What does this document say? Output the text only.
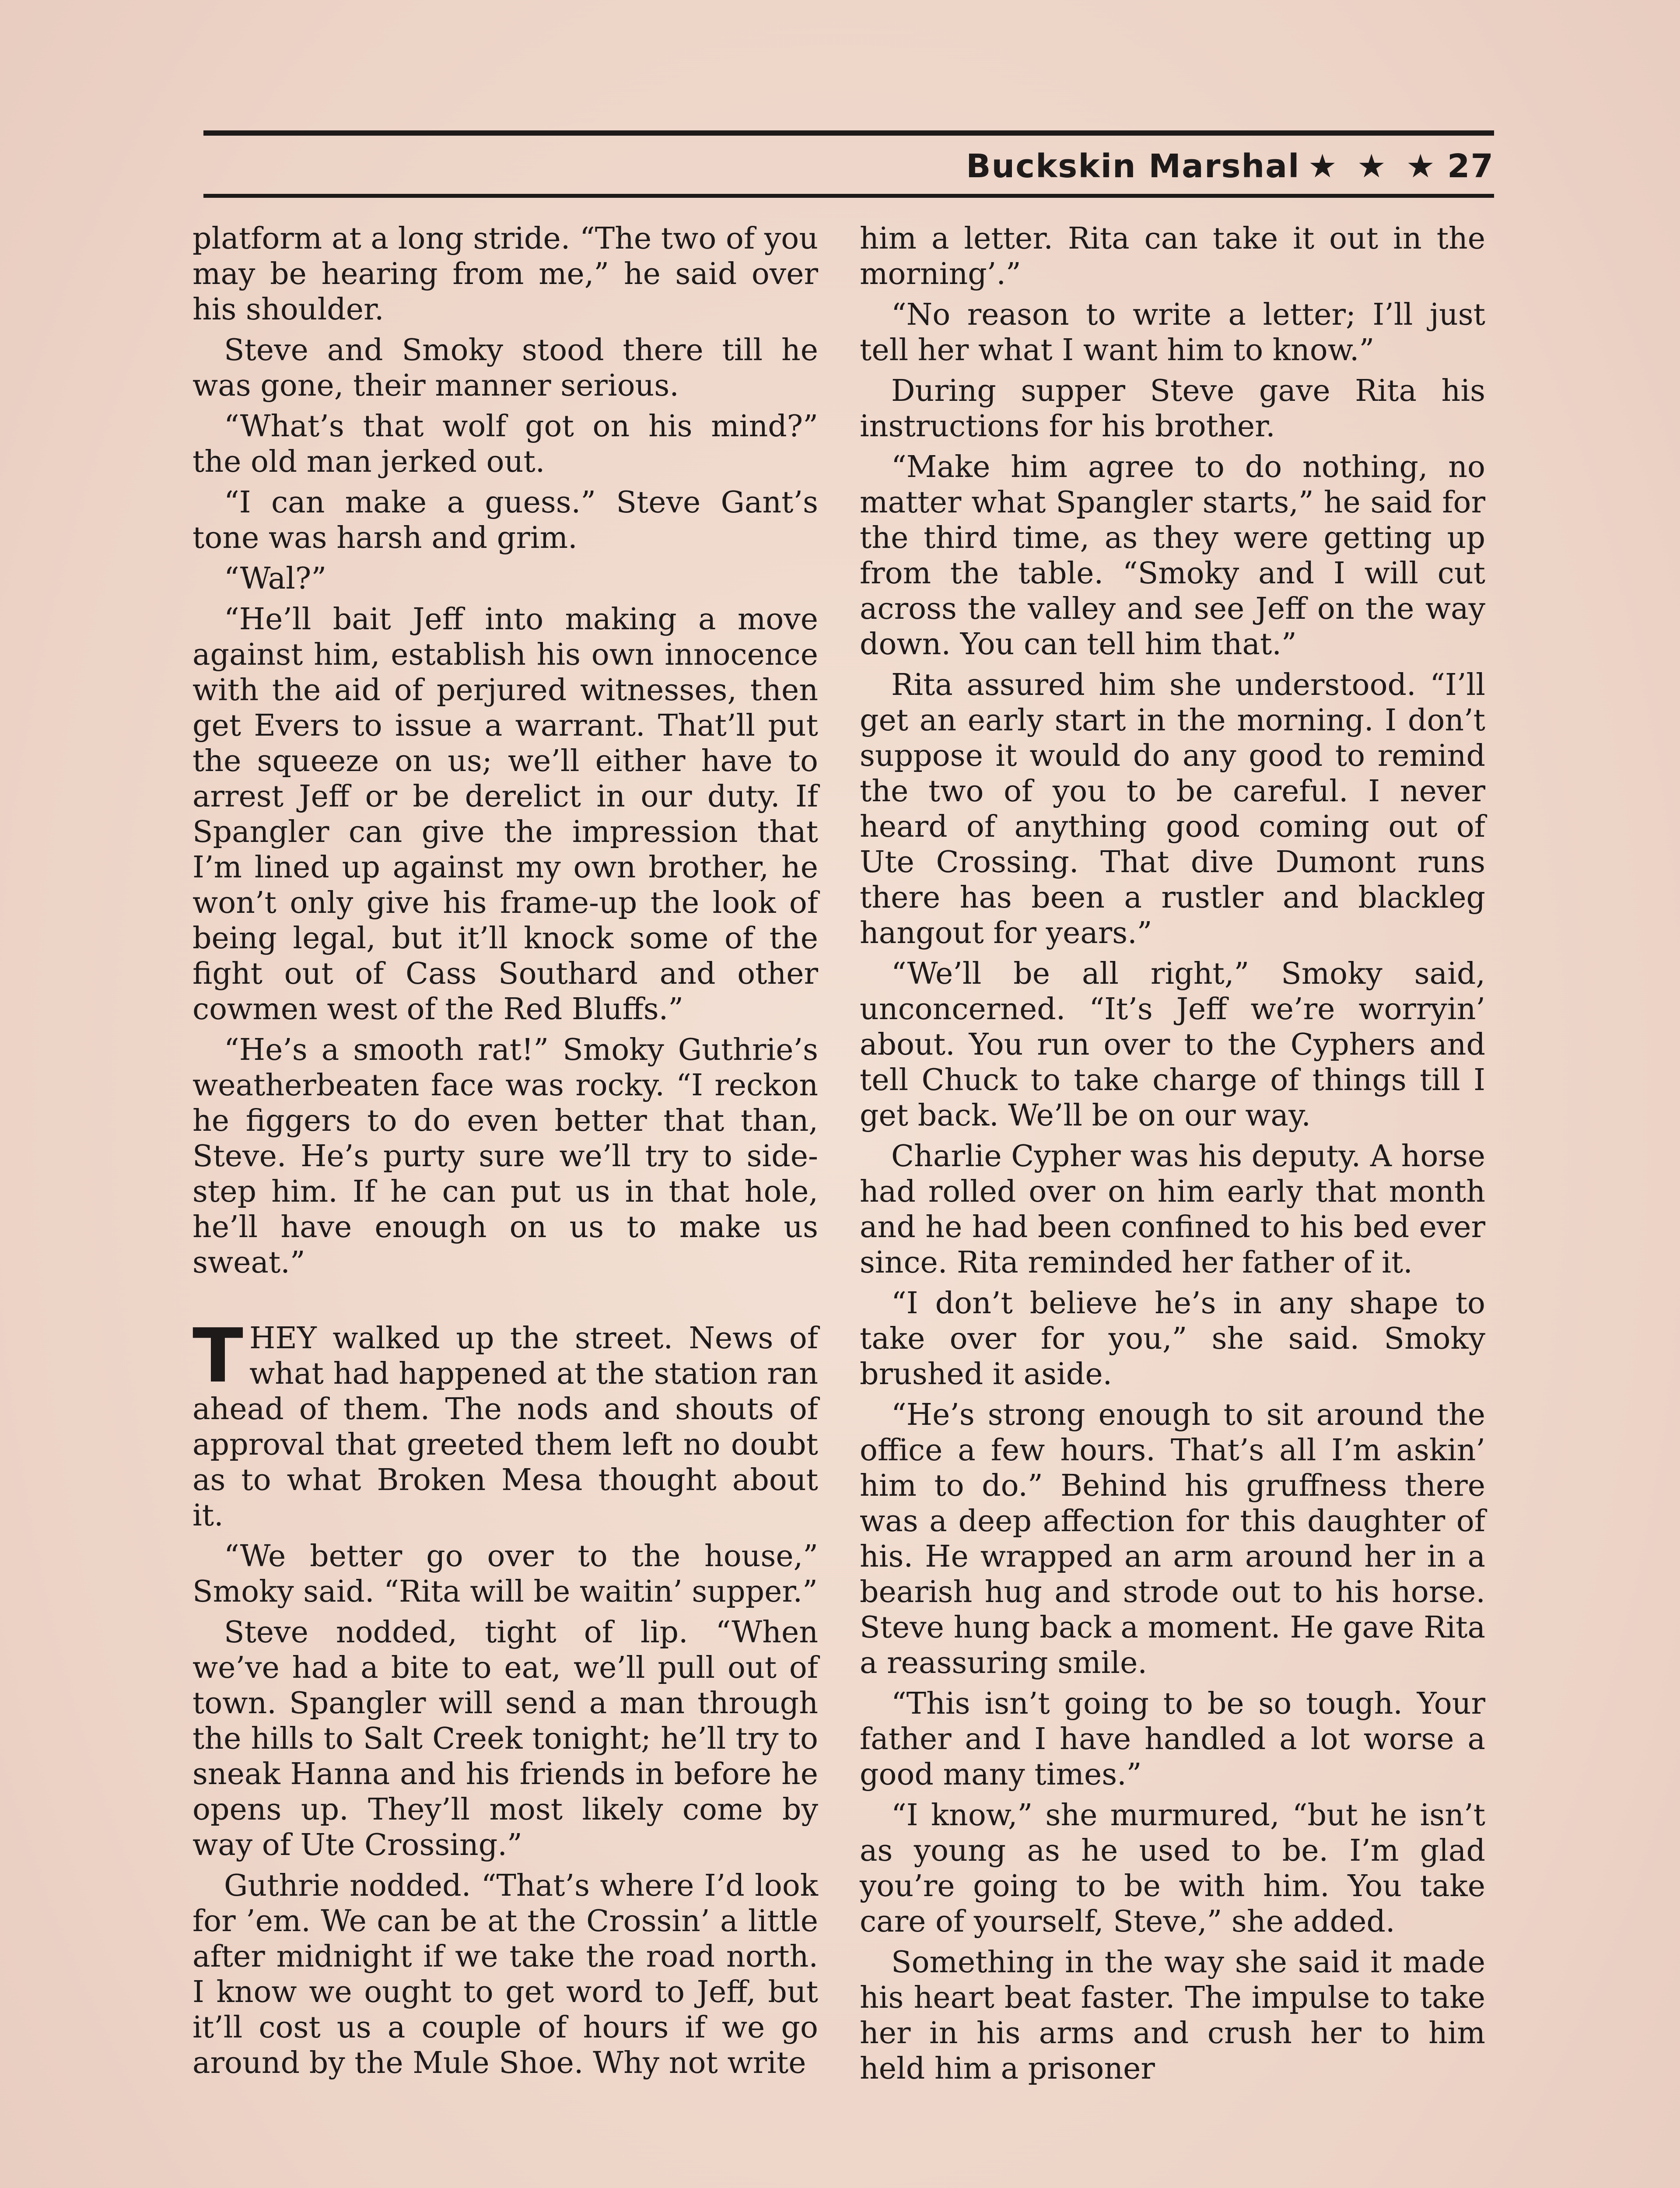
Buckskin Marshal ★ ★ ★ 27

platform at a long stride. “The two of you may be hearing from me,” he said over his shoulder.

Steve and Smoky stood there till he was gone, their manner serious.

“What’s that wolf got on his mind?” the old man jerked out.

“I can make a guess.” Steve Gant’s tone was harsh and grim.

“Wal?”

“He’ll bait Jeff into making a move against him, establish his own innocence with the aid of perjured witnesses, then get Evers to issue a warrant. That’ll put the squeeze on us; we’ll either have to arrest Jeff or be derelict in our duty. If Spangler can give the impression that I’m lined up against my own brother, he won’t only give his frame-up the look of being legal, but it’ll knock some of the fight out of Cass Southard and other cowmen west of the Red Bluffs.”

“He’s a smooth rat!” Smoky Guthrie’s weatherbeaten face was rocky. “I reckon he figgers to do even better that than, Steve. He’s purty sure we’ll try to side-step him. If he can put us in that hole, he’ll have enough on us to make us sweat.”

THEY walked up the street. News of what had happened at the station ran ahead of them. The nods and shouts of approval that greeted them left no doubt as to what Broken Mesa thought about it.

“We better go over to the house,” Smoky said. “Rita will be waitin’ supper.”

Steve nodded, tight of lip. “When we’ve had a bite to eat, we’ll pull out of town. Spangler will send a man through the hills to Salt Creek tonight; he’ll try to sneak Hanna and his friends in before he opens up. They’ll most likely come by way of Ute Crossing.”

Guthrie nodded. “That’s where I’d look for ’em. We can be at the Crossin’ a little after midnight if we take the road north. I know we ought to get word to Jeff, but it’ll cost us a couple of hours if we go around by the Mule Shoe. Why not write

him a letter. Rita can take it out in the morning’.”

“No reason to write a letter; I’ll just tell her what I want him to know.”

During supper Steve gave Rita his instructions for his brother.

“Make him agree to do nothing, no matter what Spangler starts,” he said for the third time, as they were getting up from the table. “Smoky and I will cut across the valley and see Jeff on the way down. You can tell him that.”

Rita assured him she understood. “I’ll get an early start in the morning. I don’t suppose it would do any good to remind the two of you to be careful. I never heard of anything good coming out of Ute Crossing. That dive Dumont runs there has been a rustler and blackleg hangout for years.”

“We’ll be all right,” Smoky said, unconcerned. “It’s Jeff we’re worryin’ about. You run over to the Cyphers and tell Chuck to take charge of things till I get back. We’ll be on our way.

Charlie Cypher was his deputy. A horse had rolled over on him early that month and he had been confined to his bed ever since. Rita reminded her father of it.

“I don’t believe he’s in any shape to take over for you,” she said. Smoky brushed it aside.

“He’s strong enough to sit around the office a few hours. That’s all I’m askin’ him to do.” Behind his gruffness there was a deep affection for this daughter of his. He wrapped an arm around her in a bearish hug and strode out to his horse. Steve hung back a moment. He gave Rita a reassuring smile.

“This isn’t going to be so tough. Your father and I have handled a lot worse a good many times.”

“I know,” she murmured, “but he isn’t as young as he used to be. I’m glad you’re going to be with him. You take care of yourself, Steve,” she added.

Something in the way she said it made his heart beat faster. The impulse to take her in his arms and crush her to him held him a prisoner
